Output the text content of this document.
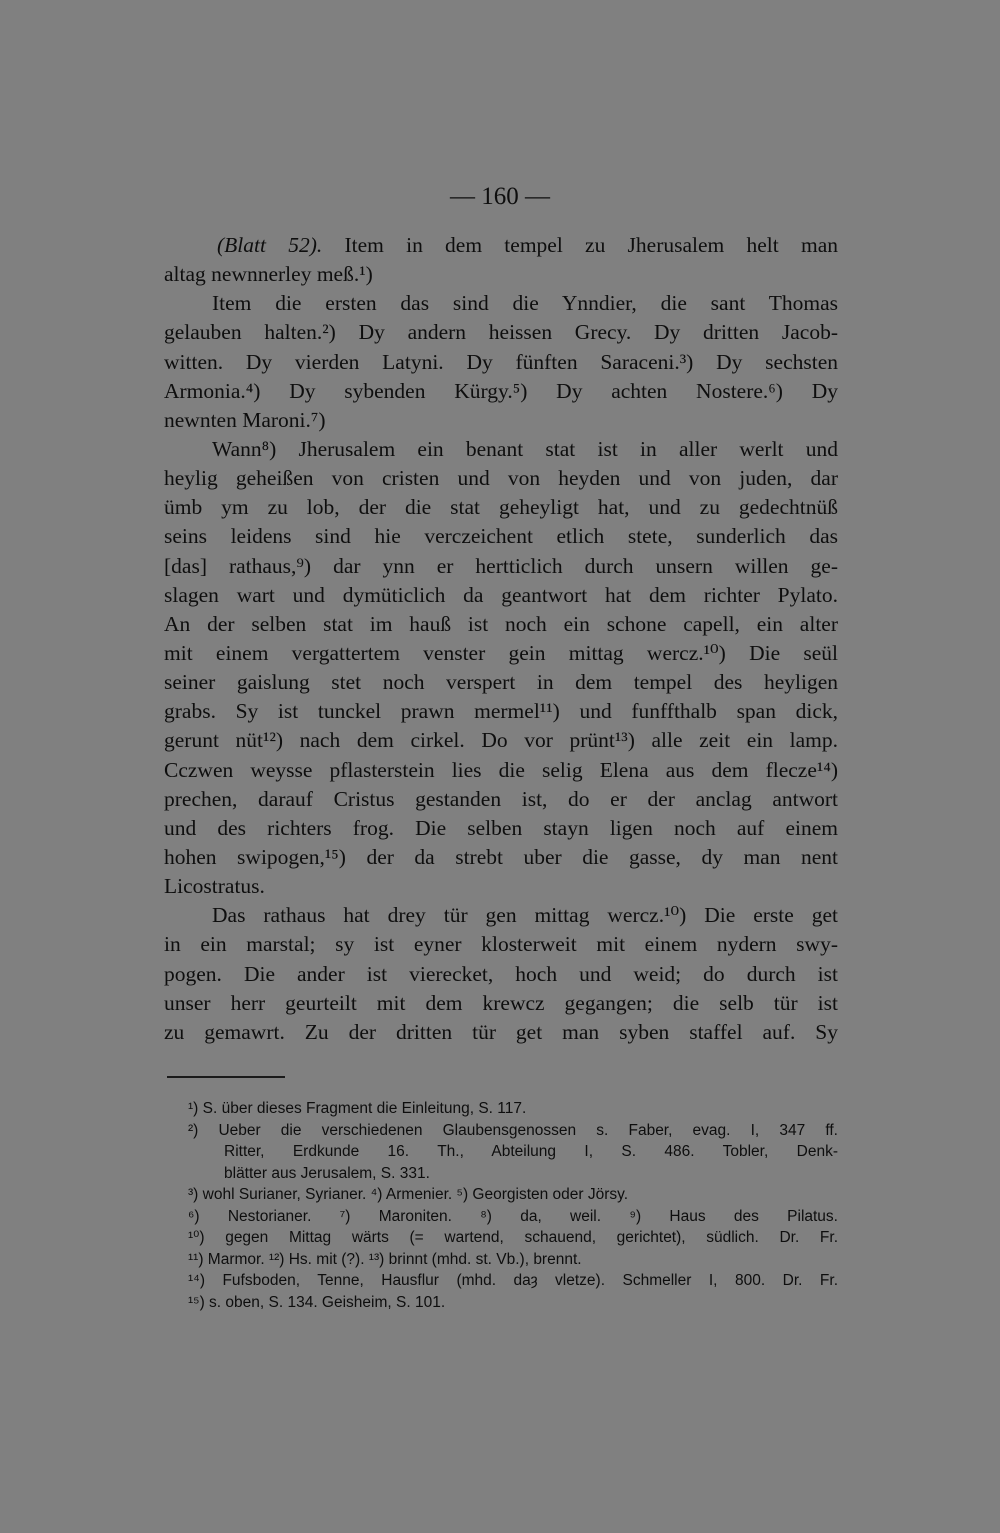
— 160 —
(Blatt 52). Item in dem tempel zu Jherusalem helt man
altag newnnerley meß.¹)
Item die ersten das sind die Ynndier, die sant Thomas
gelauben halten.²) Dy andern heissen Grecy. Dy dritten Jacob-
witten. Dy vierden Latyni. Dy fünften Saraceni.³) Dy sechsten
Armonia.⁴) Dy sybenden Kürgy.⁵) Dy achten Nostere.⁶) Dy
newnten Maroni.⁷)
Wann⁸) Jherusalem ein benant stat ist in aller werlt und
heylig geheißen von cristen und von heyden und von juden, dar
ümb ym zu lob, der die stat geheyligt hat, und zu gedechtnüß
seins leidens sind hie verczeichent etlich stete, sunderlich das
[das] rathaus,⁹) dar ynn er hertticlich durch unsern willen ge-
slagen wart und dymüticlich da geantwort hat dem richter Pylato.
An der selben stat im hauß ist noch ein schone capell, ein alter
mit einem vergattertem venster gein mittag wercz.¹⁰) Die seül
seiner gaislung stet noch verspert in dem tempel des heyligen
grabs. Sy ist tunckel prawn mermel¹¹) und funffthalb span dick,
gerunt nüt¹²) nach dem cirkel. Do vor prünt¹³) alle zeit ein lamp.
Cczwen weysse pflasterstein lies die selig Elena aus dem flecze¹⁴)
prechen, darauf Cristus gestanden ist, do er der anclag antwort
und des richters frog. Die selben stayn ligen noch auf einem
hohen swipogen,¹⁵) der da strebt uber die gasse, dy man nent
Licostratus.
Das rathaus hat drey tür gen mittag wercz.¹⁰) Die erste get
in ein marstal; sy ist eyner klosterweit mit einem nydern swy-
pogen. Die ander ist vierecket, hoch und weid; do durch ist
unser herr geurteilt mit dem krewcz gegangen; die selb tür ist
zu gemawrt. Zu der dritten tür get man syben staffel auf. Sy
¹) S. über dieses Fragment die Einleitung, S. 117.
²) Ueber die verschiedenen Glaubensgenossen s. Faber, evag. I, 347 ff.
Ritter, Erdkunde 16. Th., Abteilung I, S. 486. Tobler, Denk-
blätter aus Jerusalem, S. 331.
³) wohl Surianer, Syrianer. ⁴) Armenier. ⁵) Georgisten oder Jörsy.
⁶) Nestorianer. ⁷) Maroniten. ⁸) da, weil. ⁹) Haus des Pilatus.
¹⁰) gegen Mittag wärts (= wartend, schauend, gerichtet), südlich. Dr. Fr.
¹¹) Marmor. ¹²) Hs. mit (?). ¹³) brinnt (mhd. st. Vb.), brennt.
¹⁴) Fufsboden, Tenne, Hausflur (mhd. daȝ vletze). Schmeller I, 800. Dr. Fr.
¹⁵) s. oben, S. 134. Geisheim, S. 101.
